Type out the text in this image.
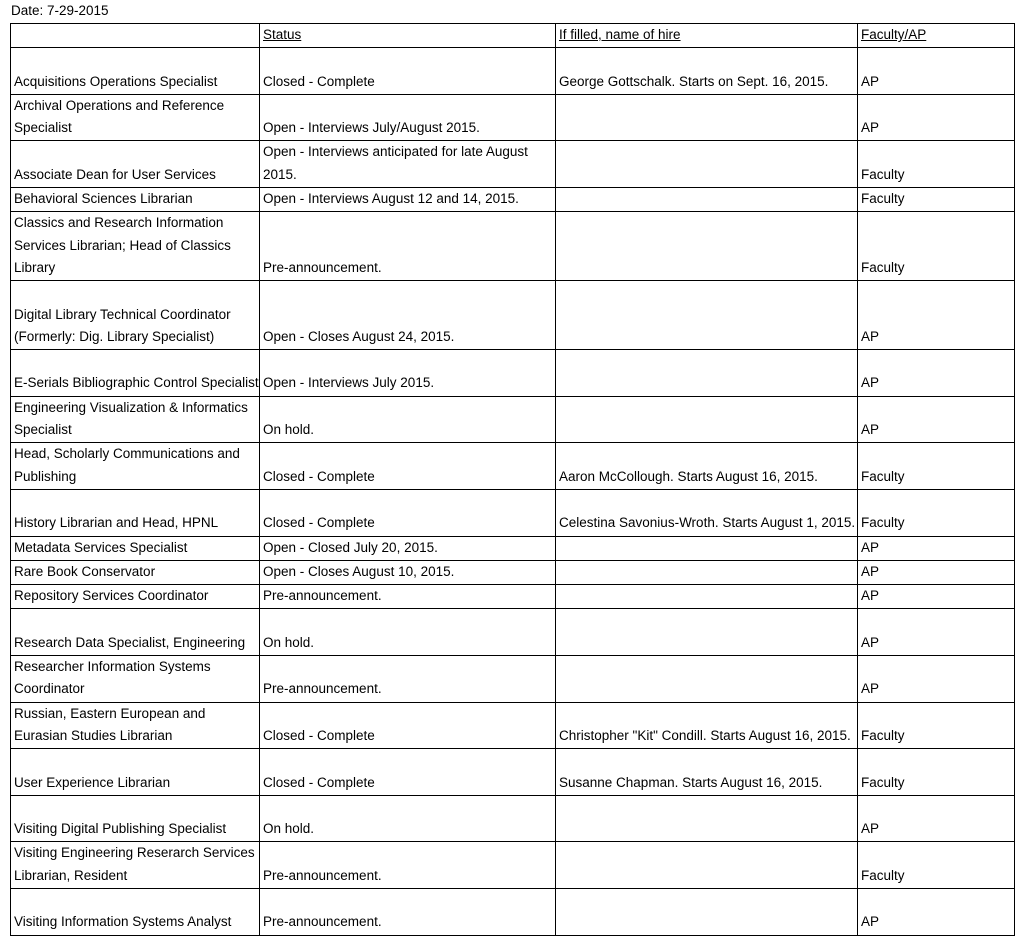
Date: 7-29-2015
	Status	If filled, name of hire	Faculty/AP

Acquisitions Operations Specialist	Closed - Complete	George Gottschalk. Starts on Sept. 16, 2015.	AP

Archival Operations and Reference Specialist	Open - Interviews July/August 2015.		AP

Associate Dean for User Services	Open - Interviews anticipated for late August 2015.		Faculty

Behavioral Sciences Librarian	Open - Interviews August 12 and 14, 2015.		Faculty

Classics and Research Information Services Librarian; Head of Classics Library	Pre-announcement.		Faculty

Digital Library Technical Coordinator (Formerly: Dig. Library Specialist)	Open - Closes August 24, 2015.		AP

E-Serials Bibliographic Control Specialist	Open - Interviews July 2015.		AP

Engineering Visualization & Informatics Specialist	On hold.		AP

Head, Scholarly Communications and Publishing	Closed - Complete	Aaron McCollough. Starts August 16, 2015.	Faculty

History Librarian and Head, HPNL	Closed - Complete	Celestina Savonius-Wroth. Starts August 1, 2015.	Faculty

Metadata Services Specialist	Open - Closed July 20, 2015.		AP

Rare Book Conservator	Open - Closes August 10, 2015.		AP

Repository Services Coordinator	Pre-announcement.		AP

Research Data Specialist, Engineering	On hold.		AP

Researcher Information Systems Coordinator	Pre-announcement.		AP

Russian, Eastern European and Eurasian Studies Librarian	Closed - Complete	Christopher "Kit" Condill. Starts August 16, 2015.	Faculty

User Experience Librarian	Closed - Complete	Susanne Chapman. Starts August 16, 2015.	Faculty

Visiting Digital Publishing Specialist	On hold.		AP

Visiting Engineering Reserarch Services Librarian, Resident	Pre-announcement.		Faculty

Visiting Information Systems Analyst	Pre-announcement.		AP
